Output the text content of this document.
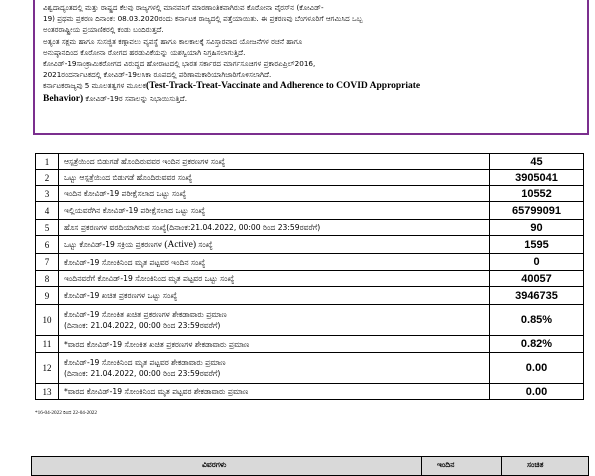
ವಿಶ್ವದಾದ್ಯಂತದಲ್ಲಿ ಮತ್ತು ರಾಷ್ಟ್ರದ ಕೆಲವು ರಾಜ್ಯಗಳಲ್ಲಿ ಮಾನವನಿಗೆ ಮಾರಣಾಂತಿಕವಾಗಿರುವ ಕೊರೋನಾ ವೈರಸ್‌ನ (ಕೋವಿಡ್-

19) ಪ್ರಥಮ ಪ್ರಕರಣ ದಿನಾಂಕ: 08.03.2020ರಂದು ಕರ್ನಾಟಕ ರಾಜ್ಯದಲ್ಲಿ ಪತ್ತೆಯಾಯಿತು. ಈ ಪ್ರಕರಣವು ಬೆಂಗಳೂರಿಗೆ ಆಗಮಿಸಿದ ಒಬ್ಬ

ಅಂತರರಾಷ್ಟ್ರೀಯ ಪ್ರಯಾಣಿಕರಲ್ಲಿ ಕಂಡು ಬಂದಿರುತ್ತದೆ.

ಅತ್ಯಂತ ಸಕ್ಷಮ ಹಾಗೂ ಸುಸಜ್ಜಿತ ಕಣ್ಗಾವಲು ವ್ಯವಸ್ಥೆ ಹಾಗೂ ಕಾಲಕಾಲಕ್ಕೆ ಸವಿಸ್ತಾರವಾದ ಯೋಜನೆಗಳ ರಚನೆ ಹಾಗೂ

ಅನುಷ್ಠಾನದಿಂದ ಕೊರೋನಾ ರೋಗದ ಹರಡುವಿಕೆಯನ್ನು ಯಶಸ್ವಿಯಾಗಿ ನಿಗ್ರಹಿಸಲಾಗುತ್ತಿದೆ.

ಕೋವಿಡ್-19ಸಾಂಕ್ರಾಮಿಕರೋಗದ ವಿರುದ್ಧದ ಹೋರಾಟದಲ್ಲಿ ಭಾರತ ಸರ್ಕಾರದ ಮಾರ್ಗಸೂಚಿಗಳ ಪ್ರಕಾರಏಪ್ರಿಲ್2016,

2021ರಂದರ್ನಾಟಕದಲ್ಲಿ ಕೋವಿಡ್-19ಲಸಿಕಾ ರೂಪದಲ್ಲಿ ಪರಿಣಾಮಕಾರಿಯಾಗಿಜಾರಿಗೊಳಿಸಲಾಗಿದೆ.

ಕರ್ನಾಟಕರಾಜ್ಯವು 5 ಮೂಲತತ್ವಗಳ ಮೂಲಕ(Test-Track-Treat-Vaccinate and Adherence to COVID Appropriate

Behavior) ಕೋವಿಡ್-19ರ ಸವಾಲನ್ನು ನಿಭಾಯಿಸುತ್ತಿದೆ.

1	ಆಸ್ಪತ್ರೆಯಿಂದ ಬಿಡುಗಡೆ ಹೊಂದಿರುವವರ ಇಂದಿನ ಪ್ರಕರಣಗಳ ಸಂಖ್ಯೆ	45
2	ಒಟ್ಟು ಆಸ್ಪತ್ರೆಯಿಂದ ಬಿಡುಗಡೆ ಹೊಂದಿರುವವರ ಸಂಖ್ಯೆ	3905041
3	ಇಂದಿನ ಕೋವಿಡ್-19 ಪರೀಕ್ಷೆಸಲಾದ ಒಟ್ಟು ಸಂಖ್ಯೆ	10552
4	ಇಲ್ಲಿಯವರೆಗಿನ ಕೋವಿಡ್-19 ಪರೀಕ್ಷೆಸಲಾದ ಒಟ್ಟು ಸಂಖ್ಯೆ	65799091
5	ಹೊಸ ಪ್ರಕರಣಗಳ ವರದಿಯಾಗಿರುವ ಸಂಖ್ಯೆ(ದಿನಾಂಕ:21.04.2022, 00:00 ರಿಂದ 23:59ರವರೆಗೆ)	90
6	ಒಟ್ಟು ಕೋವಿಡ್-19 ಸಕ್ರಿಯ ಪ್ರಕರಣಗಳ (Active) ಸಂಖ್ಯೆ	1595
7	ಕೋವಿಡ್-19 ಸೋಂಕಿನಿಂದ ಮೃತ ಪಟ್ಟವರ ಇಂದಿನ ಸಂಖ್ಯೆ	0
8	ಇಂದಿನವರೆಗೆ ಕೋವಿಡ್-19 ಸೋಂಕಿನಿಂದ ಮೃತ ಪಟ್ಟವರ ಒಟ್ಟು ಸಂಖ್ಯೆ	40057
9	ಕೋವಿಡ್-19 ಖಚಿತ ಪ್ರಕರಣಗಳ ಒಟ್ಟು ಸಂಖ್ಯೆ	3946735
10	ಕೋವಿಡ್-19 ಸೋಂಕಿತ ಖಚಿತ ಪ್ರಕರಣಗಳ ಶೇಕಡಾವಾರು ಪ್ರಮಾಣ
(ದಿನಾಂಕ: 21.04.2022, 00:00 ರಿಂದ 23:59ರವರೆಗೆ)	0.85%
11	*ವಾರದ ಕೋವಿಡ್-19 ಸೋಂಕಿತ ಖಚಿತ ಪ್ರಕರಣಗಳ ಶೇಕಡಾವಾರು ಪ್ರಮಾಣ	0.82%
12	ಕೋವಿಡ್-19 ಸೋಂಕಿನಿಂದ ಮೃತ ಪಟ್ಟವರ ಶೇಕಡಾವಾರು ಪ್ರಮಾಣ
(ದಿನಾಂಕ: 21.04.2022, 00:00 ರಿಂದ 23:59ರವರೆಗೆ)	0.00
13	*ವಾರದ ಕೋವಿಡ್-19 ಸೋಂಕಿನಿಂದ ಮೃತ ಪಟ್ಟವರ ಶೇಕಡಾವಾರು ಪ್ರಮಾಣ	0.00
*16-04-2022 ರಿಂದ 22-04-2022
ವಿವರಗಳು	ಇಂದಿನ	ಸಂಚಿತ
